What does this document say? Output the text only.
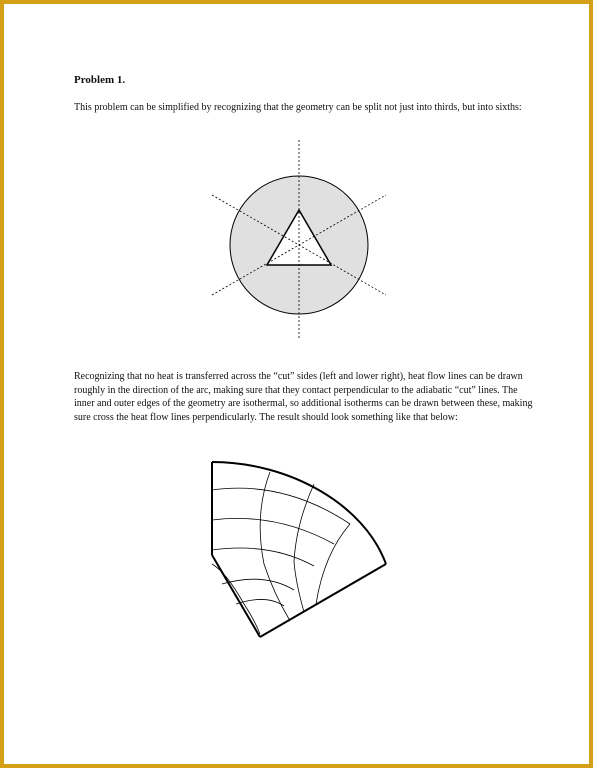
Problem 1.

This problem can be simplified by recognizing that the geometry can be split not just into thirds, but into sixths:

Recognizing that no heat is transferred across the “cut” sides (left and lower right), heat flow lines can be drawn roughly in the direction of the arc, making sure that they contact perpendicular to the adiabatic “cut” lines. The inner and outer edges of the geometry are isothermal, so additional isotherms can be drawn between these, making sure cross the heat flow lines perpendicularly. The result should look something like that below:
